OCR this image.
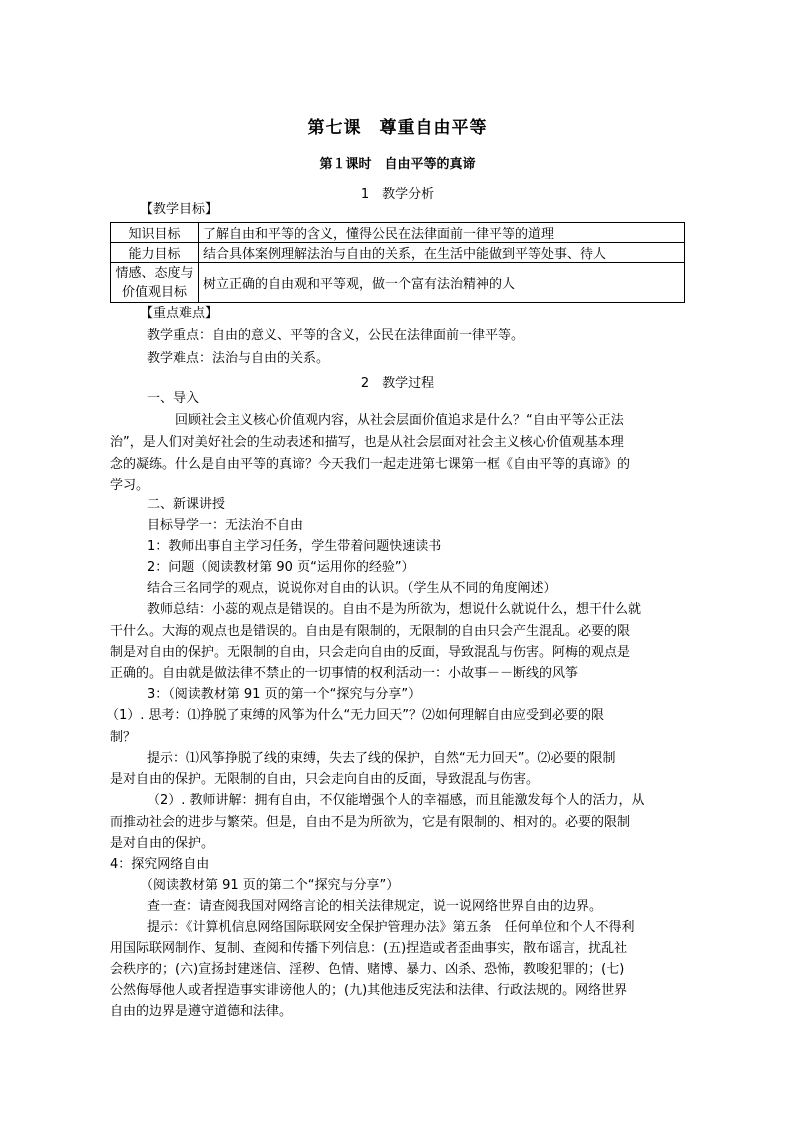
第七课　尊重自由平等
第１课时　自由平等的真谛
1　教学分析
【教学目标】
知识目标	了解自由和平等的含义，懂得公民在法律面前一律平等的道理
能力目标	结合具体案例理解法治与自由的关系，在生活中能做到平等处事、待人

情感、态度与
价值观目标	树立正确的自由观和平等观，做一个富有法治精神的人
【重点难点】
教学重点：自由的意义、平等的含义，公民在法律面前一律平等。
教学难点：法治与自由的关系。
2　教学过程
一、导入
回顾社会主义核心价值观内容，从社会层面价值追求是什么？“自由平等公正法
治”，是人们对美好社会的生动表述和描写，也是从社会层面对社会主义核心价值观基本理
念的凝练。什么是自由平等的真谛？今天我们一起走进第七课第一框《自由平等的真谛》的
学习。
二、新课讲授
目标导学一：无法治不自由
1：教师出事自主学习任务，学生带着问题快速读书
2：问题（阅读教材第 90 页“运用你的经验”）
结合三名同学的观点，说说你对自由的认识。（学生从不同的角度阐述）
教师总结：小蕊的观点是错误的。自由不是为所欲为，想说什么就说什么，想干什么就
干什么。大海的观点也是错误的。自由是有限制的，无限制的自由只会产生混乱。必要的限
制是对自由的保护。无限制的自由，只会走向自由的反面，导致混乱与伤害。阿梅的观点是
正确的。自由就是做法律不禁止的一切事情的权利活动一：小故事－－断线的风筝
3：（阅读教材第 91 页的第一个“探究与分享”）
（1）. 思考：⑴挣脱了束缚的风筝为什么“无力回天”？⑵如何理解自由应受到必要的限
制？
提示：⑴风筝挣脱了线的束缚，失去了线的保护，自然“无力回天”。⑵必要的限制
是对自由的保护。无限制的自由，只会走向自由的反面，导致混乱与伤害。
（2）. 教师讲解：拥有自由，不仅能增强个人的幸福感，而且能激发每个人的活力，从
而推动社会的进步与繁荣。但是，自由不是为所欲为，它是有限制的、相对的。必要的限制
是对自由的保护。
4：探究网络自由
（阅读教材第 91 页的第二个“探究与分享”）
查一查：请查阅我国对网络言论的相关法律规定，说一说网络世界自由的边界。
提示：《计算机信息网络国际联网安全保护管理办法》第五条　任何单位和个人不得利
用国际联网制作、复制、查阅和传播下列信息：(五)捏造或者歪曲事实，散布谣言，扰乱社
会秩序的；(六)宣扬封建迷信、淫秽、色情、赌博、暴力、凶杀、恐怖，教唆犯罪的；(七)
公然侮辱他人或者捏造事实诽谤他人的；(九)其他违反宪法和法律、行政法规的。网络世界
自由的边界是遵守道德和法律。
